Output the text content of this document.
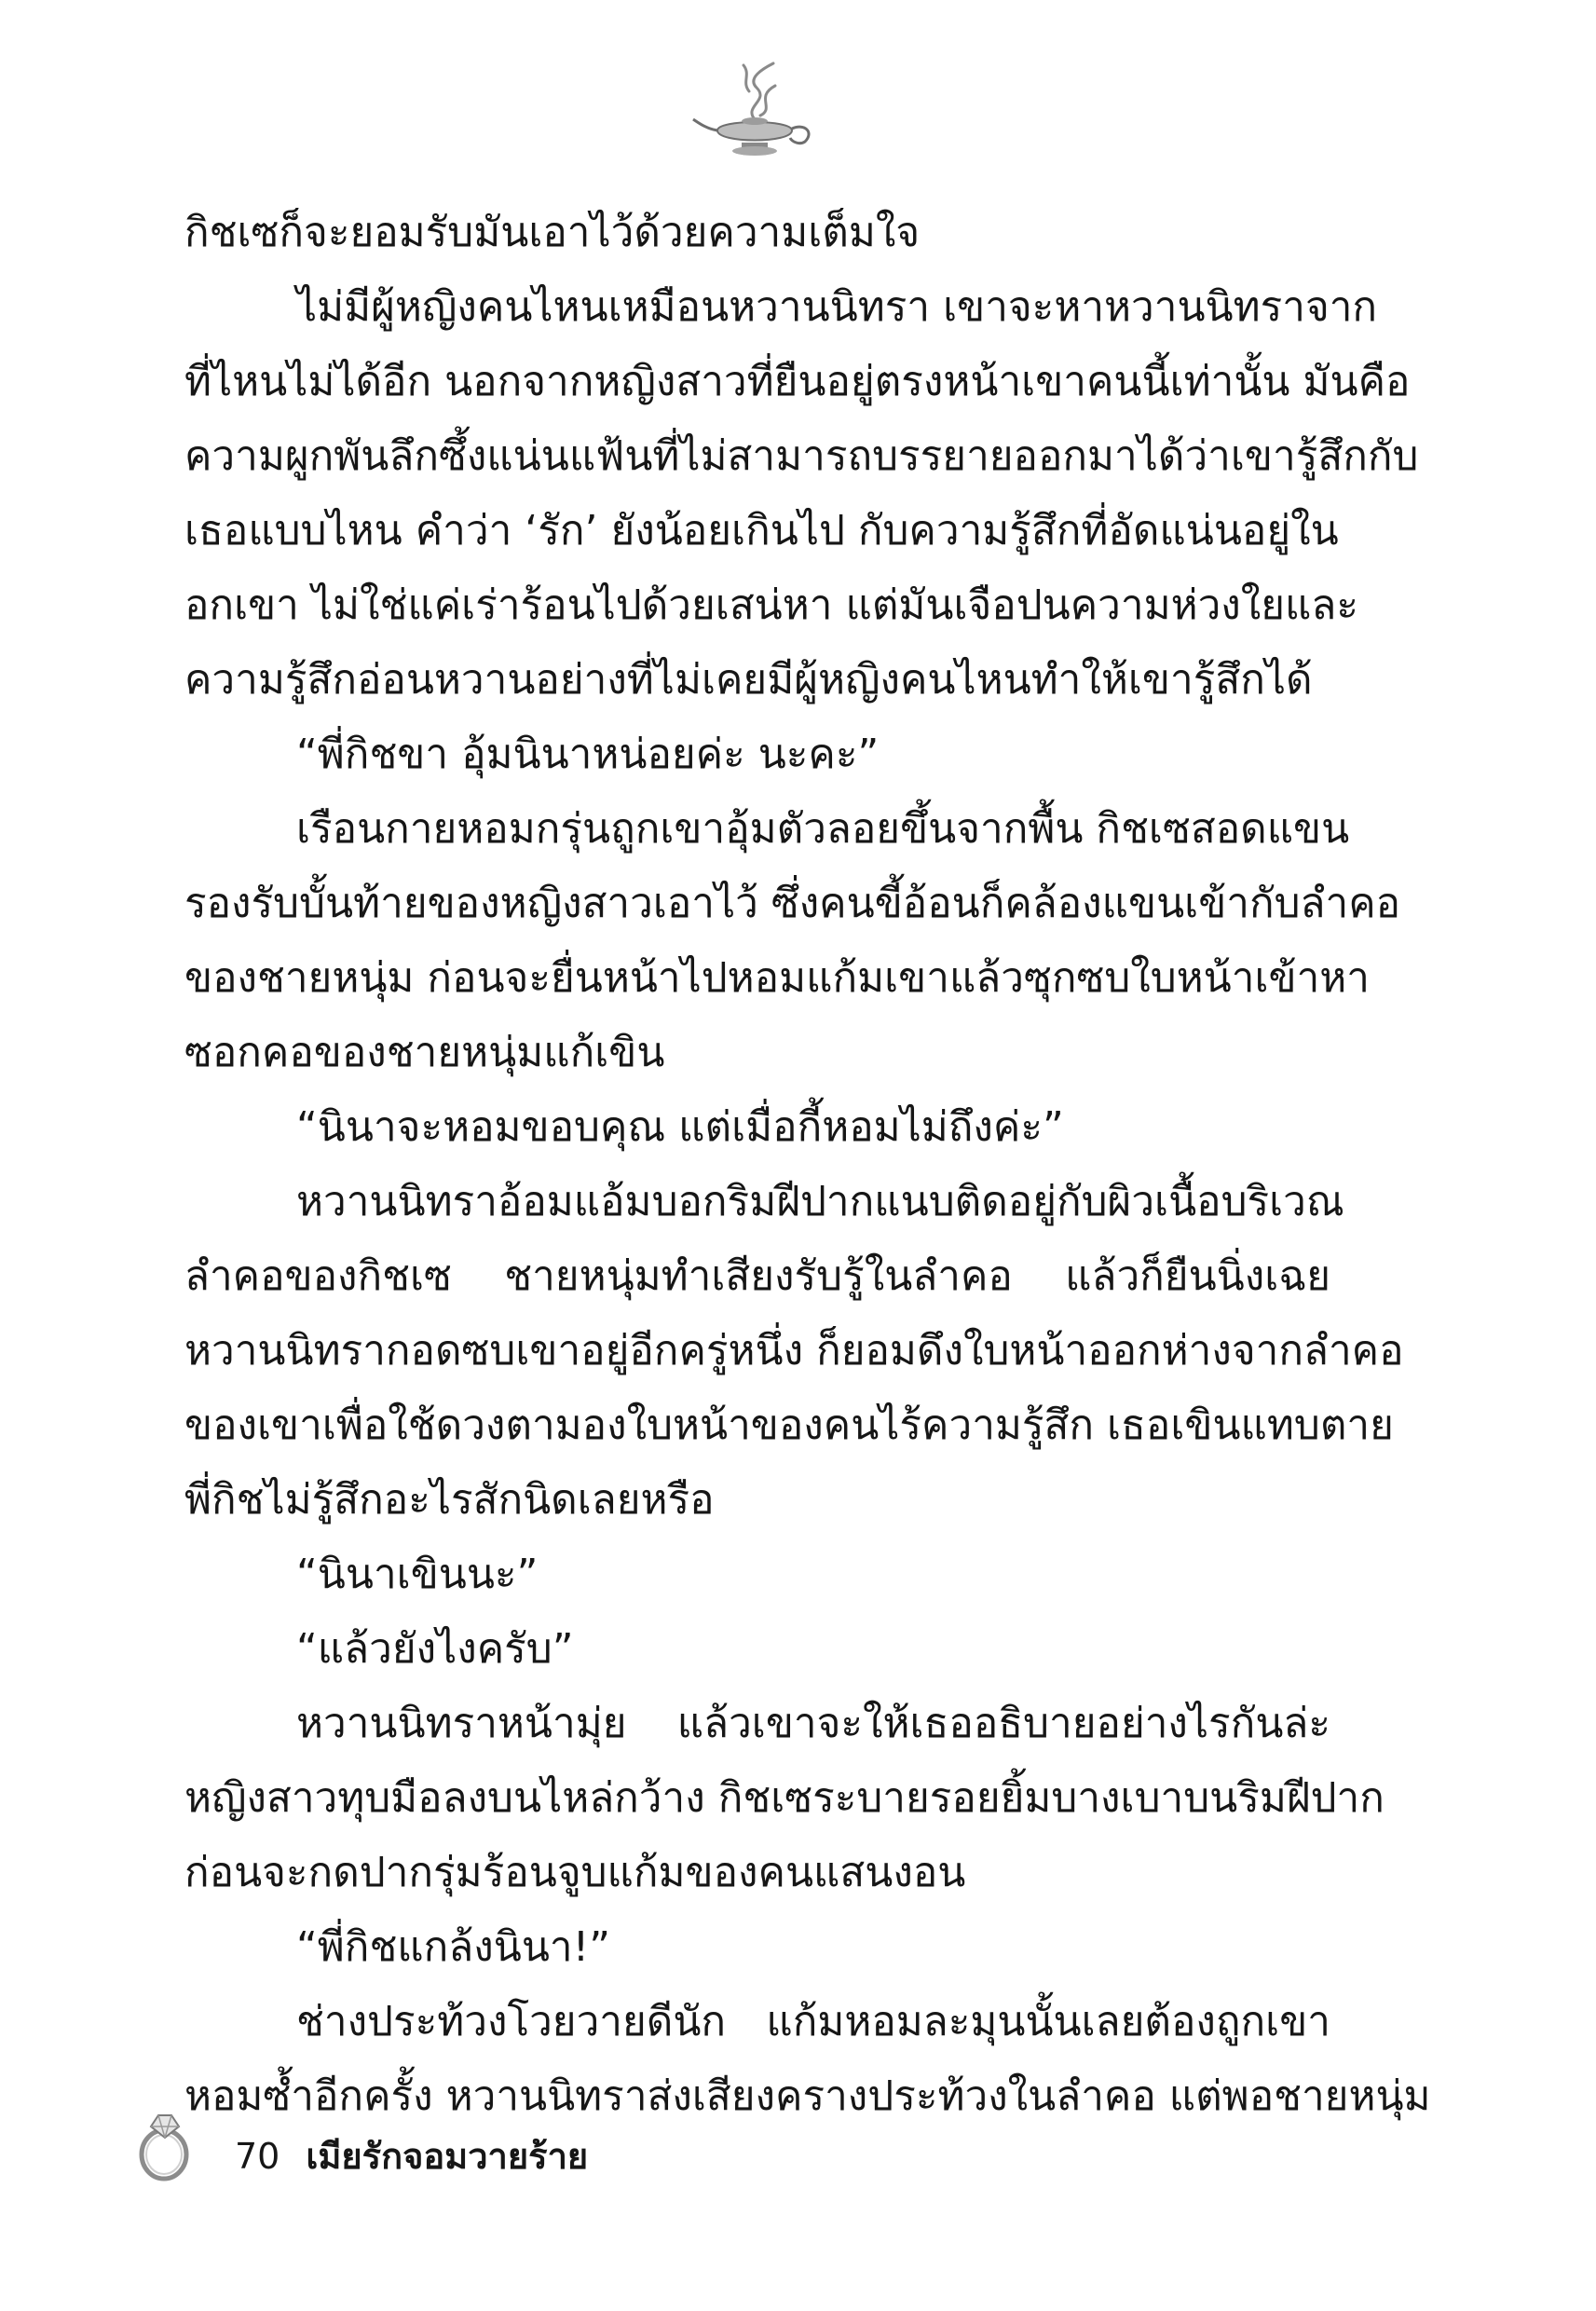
กิชเซก็จะยอมรับมันเอาไว้ด้วยความเต็มใจ
ไม่มีผู้หญิงคนไหนเหมือนหวานนิทรา เขาจะหาหวานนิทราจาก
ที่ไหนไม่ได้อีก นอกจากหญิงสาวที่ยืนอยู่ตรงหน้าเขาคนนี้เท่านั้น มันคือ
ความผูกพันลึกซึ้งแน่นแฟ้นที่ไม่สามารถบรรยายออกมาได้ว่าเขารู้สึกกับ
เธอแบบไหน คำว่า ‘รัก’ ยังน้อยเกินไป กับความรู้สึกที่อัดแน่นอยู่ใน
อกเขา ไม่ใช่แค่เร่าร้อนไปด้วยเสน่หา แต่มันเจือปนความห่วงใยและ
ความรู้สึกอ่อนหวานอย่างที่ไม่เคยมีผู้หญิงคนไหนทำให้เขารู้สึกได้
“พี่กิชขา อุ้มนินาหน่อยค่ะ นะคะ”
เรือนกายหอมกรุ่นถูกเขาอุ้มตัวลอยขึ้นจากพื้น กิชเซสอดแขน
รองรับบั้นท้ายของหญิงสาวเอาไว้ ซึ่งคนขี้อ้อนก็คล้องแขนเข้ากับลำคอ
ของชายหนุ่ม ก่อนจะยื่นหน้าไปหอมแก้มเขาแล้วซุกซบใบหน้าเข้าหา
ซอกคอของชายหนุ่มแก้เขิน
“นินาจะหอมขอบคุณ แต่เมื่อกี้หอมไม่ถึงค่ะ”
หวานนิทราอ้อมแอ้มบอกริมฝีปากแนบติดอยู่กับผิวเนื้อบริเวณ
ลำคอของกิชเซ ชายหนุ่มทำเสียงรับรู้ในลำคอ แล้วก็ยืนนิ่งเฉย
หวานนิทรากอดซบเขาอยู่อีกครู่หนึ่ง ก็ยอมดึงใบหน้าออกห่างจากลำคอ
ของเขาเพื่อใช้ดวงตามองใบหน้าของคนไร้ความรู้สึก เธอเขินแทบตาย
พี่กิชไม่รู้สึกอะไรสักนิดเลยหรือ
“นินาเขินนะ”
“แล้วยังไงครับ”
หวานนิทราหน้ามุ่ย แล้วเขาจะให้เธออธิบายอย่างไรกันล่ะ
หญิงสาวทุบมือลงบนไหล่กว้าง กิชเซระบายรอยยิ้มบางเบาบนริมฝีปาก
ก่อนจะกดปากรุ่มร้อนจูบแก้มของคนแสนงอน
“พี่กิชแกล้งนินา!”
ช่างประท้วงโวยวายดีนัก แก้มหอมละมุนนั้นเลยต้องถูกเขา
หอมซ้ำอีกครั้ง หวานนิทราส่งเสียงครางประท้วงในลำคอ แต่พอชายหนุ่ม
70 เมียรักจอมวายร้าย
